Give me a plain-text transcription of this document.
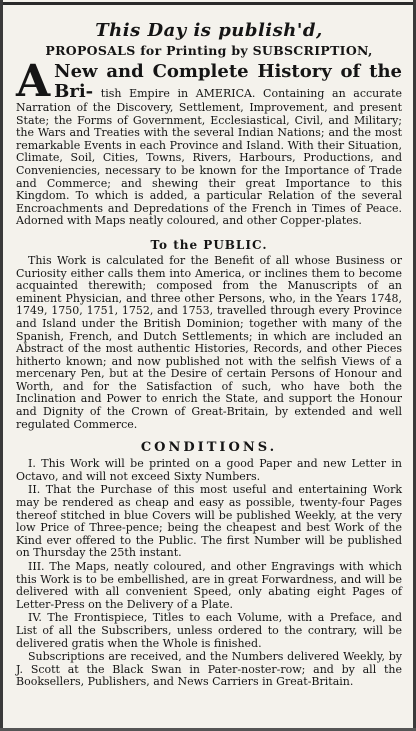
This Day is publish'd,
PROPOSALS for Printing by SUBSCRIPTION,
A New and Complete History of the Bri- tish Empire in AMERICA. Containing an accurate Narration of the Discovery, Settlement, Improvement, and present State; the Forms of Government, Ecclesiastical, Civil, and Military; the Wars and Treaties with the several Indian Nations; and the most remarkable Events in each Province and Island. With their Situation, Climate, Soil, Cities, Towns, Rivers, Harbours, Productions, and Conveniencies, necessary to be known for the Importance of Trade and Commerce; and shewing their great Importance to this Kingdom. To which is added, a particular Relation of the several Encroachments and Depredations of the French in Times of Peace. Adorned with Maps neatly coloured, and other Copper-plates.
To the PUBLIC.

This Work is calculated for the Benefit of all whose Business or Curiosity either calls them into America, or inclines them to become acquainted therewith; composed from the Manuscripts of an eminent Physician, and three other Persons, who, in the Years 1748, 1749, 1750, 1751, 1752, and 1753, travelled through every Province and Island under the British Dominion; together with many of the Spanish, French, and Dutch Settlements; in which are included an Abstract of the most authentic Histories, Records, and other Pieces hitherto known; and now published not with the selfish Views of a mercenary Pen, but at the Desire of certain Persons of Honour and Worth, and for the Satisfaction of such, who have both the Inclination and Power to enrich the State, and support the Honour and Dignity of the Crown of Great-Britain, by extended and well regulated Commerce.

CONDITIONS.

I. This Work will be printed on a good Paper and new Letter in Octavo, and will not exceed Sixty Numbers.

II. That the Purchase of this most useful and entertaining Work may be rendered as cheap and easy as possible, twenty-four Pages thereof stitched in blue Covers will be published Weekly, at the very low Price of Three-pence; being the cheapest and best Work of the Kind ever offered to the Public. The first Number will be published on Thursday the 25th instant.

III. The Maps, neatly coloured, and other Engravings with which this Work is to be embellished, are in great Forwardness, and will be delivered with all convenient Speed, only abating eight Pages of Letter-Press on the Delivery of a Plate.

IV. The Frontispiece, Titles to each Volume, with a Preface, and List of all the Subscribers, unless ordered to the contrary, will be delivered gratis when the Whole is finished.

Subscriptions are received, and the Numbers delivered Weekly, by J. Scott at the Black Swan in Pater-noster-row; and by all the Booksellers, Publishers, and News Carriers in Great-Britain.
